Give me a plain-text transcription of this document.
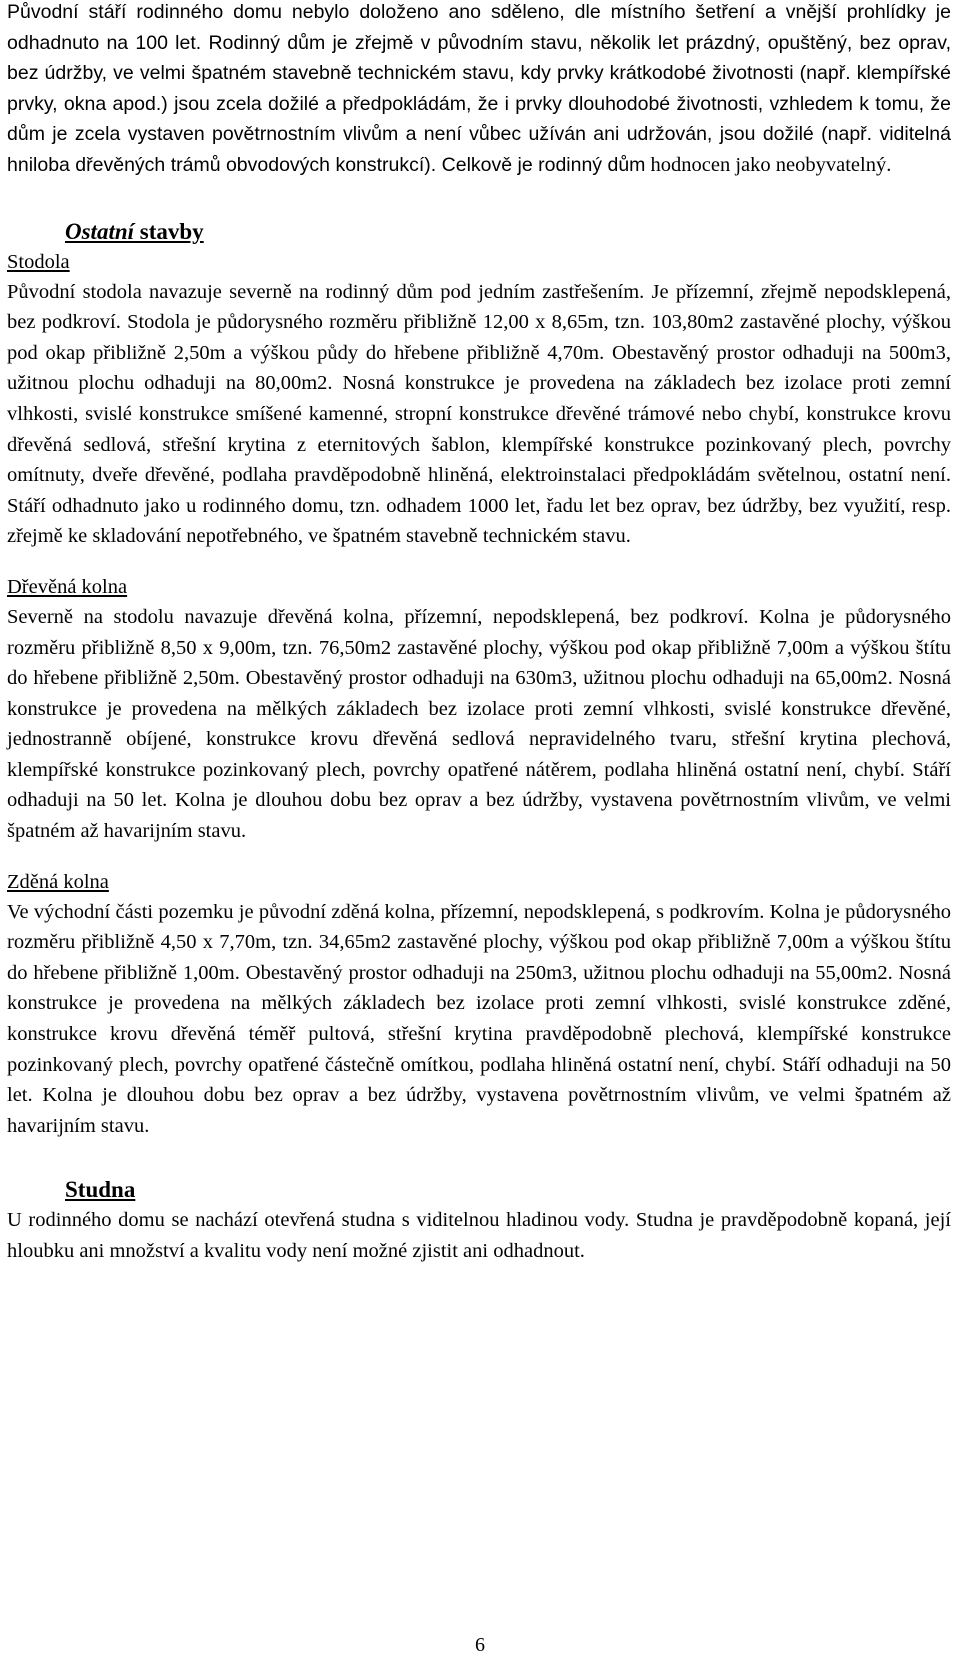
Původní stáří rodinného domu nebylo doloženo ano sděleno, dle místního šetření a vnější prohlídky je odhadnuto na 100 let. Rodinný dům je zřejmě v původním stavu, několik let prázdný, opuštěný, bez oprav, bez údržby, ve velmi špatném stavebně technickém stavu, kdy prvky krátkodobé životnosti (např. klempířské prvky, okna apod.) jsou zcela dožilé a předpokládám, že i prvky dlouhodobé životnosti, vzhledem k tomu, že dům je zcela vystaven povětrnostním vlivům a není vůbec užíván ani udržován, jsou dožilé (např. viditelná hniloba dřevěných trámů obvodových konstrukcí). Celkově je rodinný dům hodnocen jako neobyvatelný.

Ostatní stavby
Stodola

Původní stodola navazuje severně na rodinný dům pod jedním zastřešením. Je přízemní, zřejmě nepodsklepená, bez podkroví. Stodola je půdorysného rozměru přibližně 12,00 x 8,65m, tzn. 103,80m2 zastavěné plochy, výškou pod okap přibližně 2,50m a výškou půdy do hřebene přibližně 4,70m. Obestavěný prostor odhaduji na 500m3, užitnou plochu odhaduji na 80,00m2. Nosná konstrukce je provedena na základech bez izolace proti zemní vlhkosti, svislé konstrukce smíšené kamenné, stropní konstrukce dřevěné trámové nebo chybí, konstrukce krovu dřevěná sedlová, střešní krytina z eternitových šablon, klempířské konstrukce pozinkovaný plech, povrchy omítnuty, dveře dřevěné, podlaha pravděpodobně hliněná, elektroinstalaci předpokládám světelnou, ostatní není. Stáří odhadnuto jako u rodinného domu, tzn. odhadem 1000 let, řadu let bez oprav, bez údržby, bez využití, resp. zřejmě ke skladování nepotřebného, ve špatném stavebně technickém stavu.

Dřevěná kolna

Severně na stodolu navazuje dřevěná kolna, přízemní, nepodsklepená, bez podkroví. Kolna je půdorysného rozměru přibližně 8,50 x 9,00m, tzn. 76,50m2 zastavěné plochy, výškou pod okap přibližně 7,00m a výškou štítu do hřebene přibližně 2,50m. Obestavěný prostor odhaduji na 630m3, užitnou plochu odhaduji na 65,00m2. Nosná konstrukce je provedena na mělkých základech bez izolace proti zemní vlhkosti, svislé konstrukce dřevěné, jednostranně obíjené, konstrukce krovu dřevěná sedlová nepravidelného tvaru, střešní krytina plechová, klempířské konstrukce pozinkovaný plech, povrchy opatřené nátěrem, podlaha hliněná ostatní není, chybí. Stáří odhaduji na 50 let. Kolna je dlouhou dobu bez oprav a bez údržby, vystavena povětrnostním vlivům, ve velmi špatném až havarijním stavu.

Zděná kolna

Ve východní části pozemku je původní zděná kolna, přízemní, nepodsklepená, s podkrovím. Kolna je půdorysného rozměru přibližně 4,50 x 7,70m, tzn. 34,65m2 zastavěné plochy, výškou pod okap přibližně 7,00m a výškou štítu do hřebene přibližně 1,00m. Obestavěný prostor odhaduji na 250m3, užitnou plochu odhaduji na 55,00m2. Nosná konstrukce je provedena na mělkých základech bez izolace proti zemní vlhkosti, svislé konstrukce zděné, konstrukce krovu dřevěná téměř pultová, střešní krytina pravděpodobně plechová, klempířské konstrukce pozinkovaný plech, povrchy opatřené částečně omítkou, podlaha hliněná ostatní není, chybí. Stáří odhaduji na 50 let. Kolna je dlouhou dobu bez oprav a bez údržby, vystavena povětrnostním vlivům, ve velmi špatném až havarijním stavu.

Studna

U rodinného domu se nachází otevřená studna s viditelnou hladinou vody. Studna je pravděpodobně kopaná, její hloubku ani množství a kvalitu vody není možné zjistit ani odhadnout.

6
